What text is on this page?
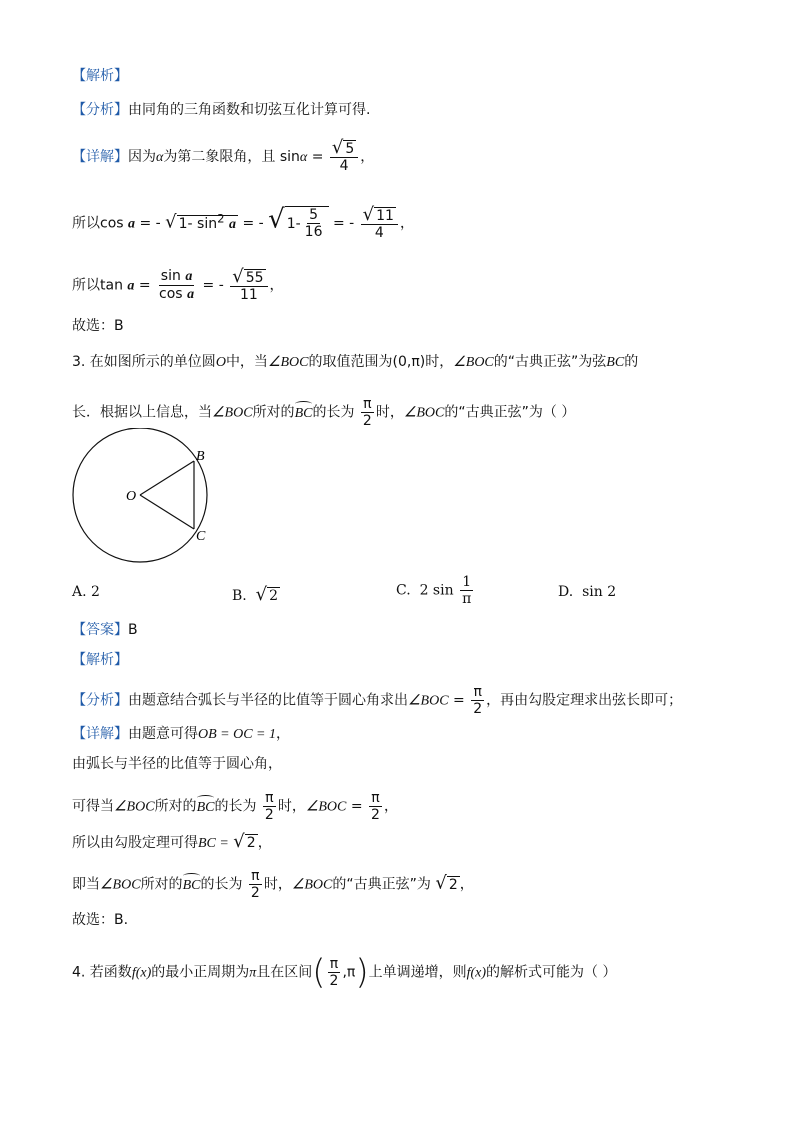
【解析】
【分析】由同角的三角函数和切弦互化计算可得.
【详解】因为α为第二象限角，且 $\sin\alpha = \frac{√ 5}{4}$ ，
所以cos a = - √ 1- $\sin^2 a$ = - √ $1- \frac{5}{16}$ = - $\frac{√ 11}{4}$ ，
所以$\tan a = \frac{\text{sin a}}{\text{cos a}}$ = - $\frac{√ 55}{11}$ ，
故选：B
3. 在如图所示的单位圆O中，当∠BOC的取值范围为(0,π)时，∠BOC的“古典正弦”为弦BC的
长．根据以上信息，当∠BOC所对的BC的长为 $\frac{\pi}{2}$ 时，∠BOC的“古典正弦”为（ ）
O
B
C
A. 2	B. √ 2	C. 2 $\sin \frac{1}{\pi}$	D. sin 2
【答案】B
【解析】
【分析】由题意结合弧长与半径的比值等于圆心角求出∠BOC = $\frac{\pi}{2}$ ，再由勾股定理求出弦长即可；
【详解】由题意可得OB = OC = 1，
由弧长与半径的比值等于圆心角，
可得当∠BOC所对的BC的长为 $\frac{\pi}{2}$ 时，∠BOC = $\frac{\pi}{2}$ ，
所以由勾股定理可得BC = √ 2 ，
即当∠BOC所对的BC的长为 $\frac{\pi}{2}$ 时，∠BOC的“古典正弦”为 √ 2 ，
故选：B.
4. 若函数f(x)的最小正周期为π且在区间( $\frac{\pi}{2} ,\pi$)上单调递增，则f(x)的解析式可能为（ ）
